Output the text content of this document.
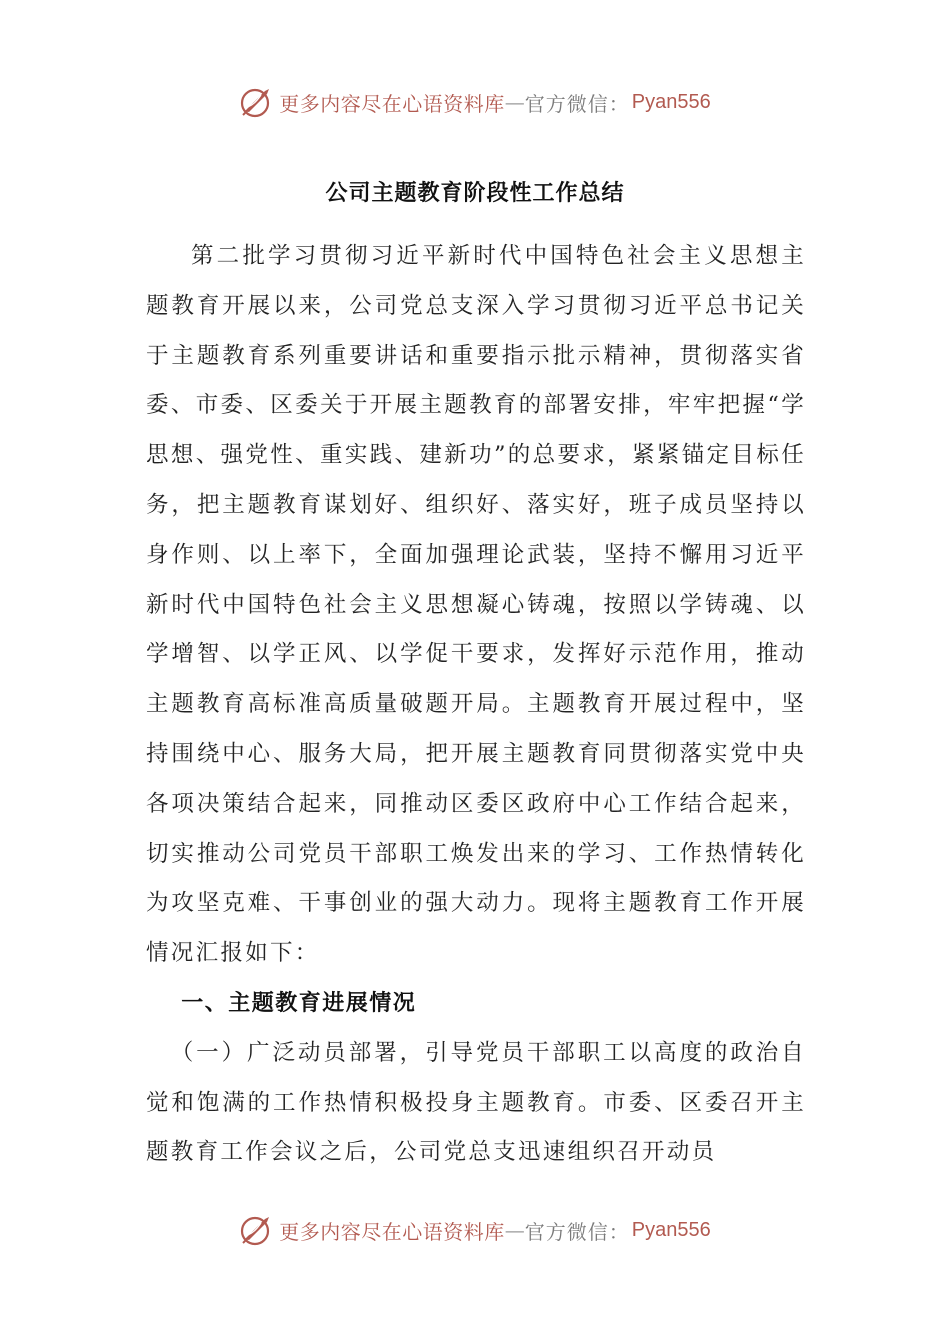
更多内容尽在心语资料库 — 官方微信： Pyan556
公司主题教育阶段性工作总结

第二批学习贯彻习近平新时代中国特色社会主义思想主题教育开展以来，公司党总支深入学习贯彻习近平总书记关于主题教育系列重要讲话和重要指示批示精神，贯彻落实省委、市委、区委关于开展主题教育的部署安排，牢牢把握“学思想、强党性、重实践、建新功”的总要求，紧紧锚定目标任务，把主题教育谋划好、组织好、落实好，班子成员坚持以身作则、以上率下，全面加强理论武装，坚持不懈用习近平新时代中国特色社会主义思想凝心铸魂，按照以学铸魂、以学增智、以学正风、以学促干要求，发挥好示范作用，推动主题教育高标准高质量破题开局。主题教育开展过程中，坚持围绕中心、服务大局，把开展主题教育同贯彻落实党中央各项决策结合起来，同推动区委区政府中心工作结合起来，切实推动公司党员干部职工焕发出来的学习、工作热情转化为攻坚克难、干事创业的强大动力。现将主题教育工作开展情况汇报如下：

一、主题教育进展情况

（一）广泛动员部署，引导党员干部职工以高度的政治自觉和饱满的工作热情积极投身主题教育。市委、区委召开主题教育工作会议之后，公司党总支迅速组织召开动员

更多内容尽在心语资料库 — 官方微信： Pyan556
